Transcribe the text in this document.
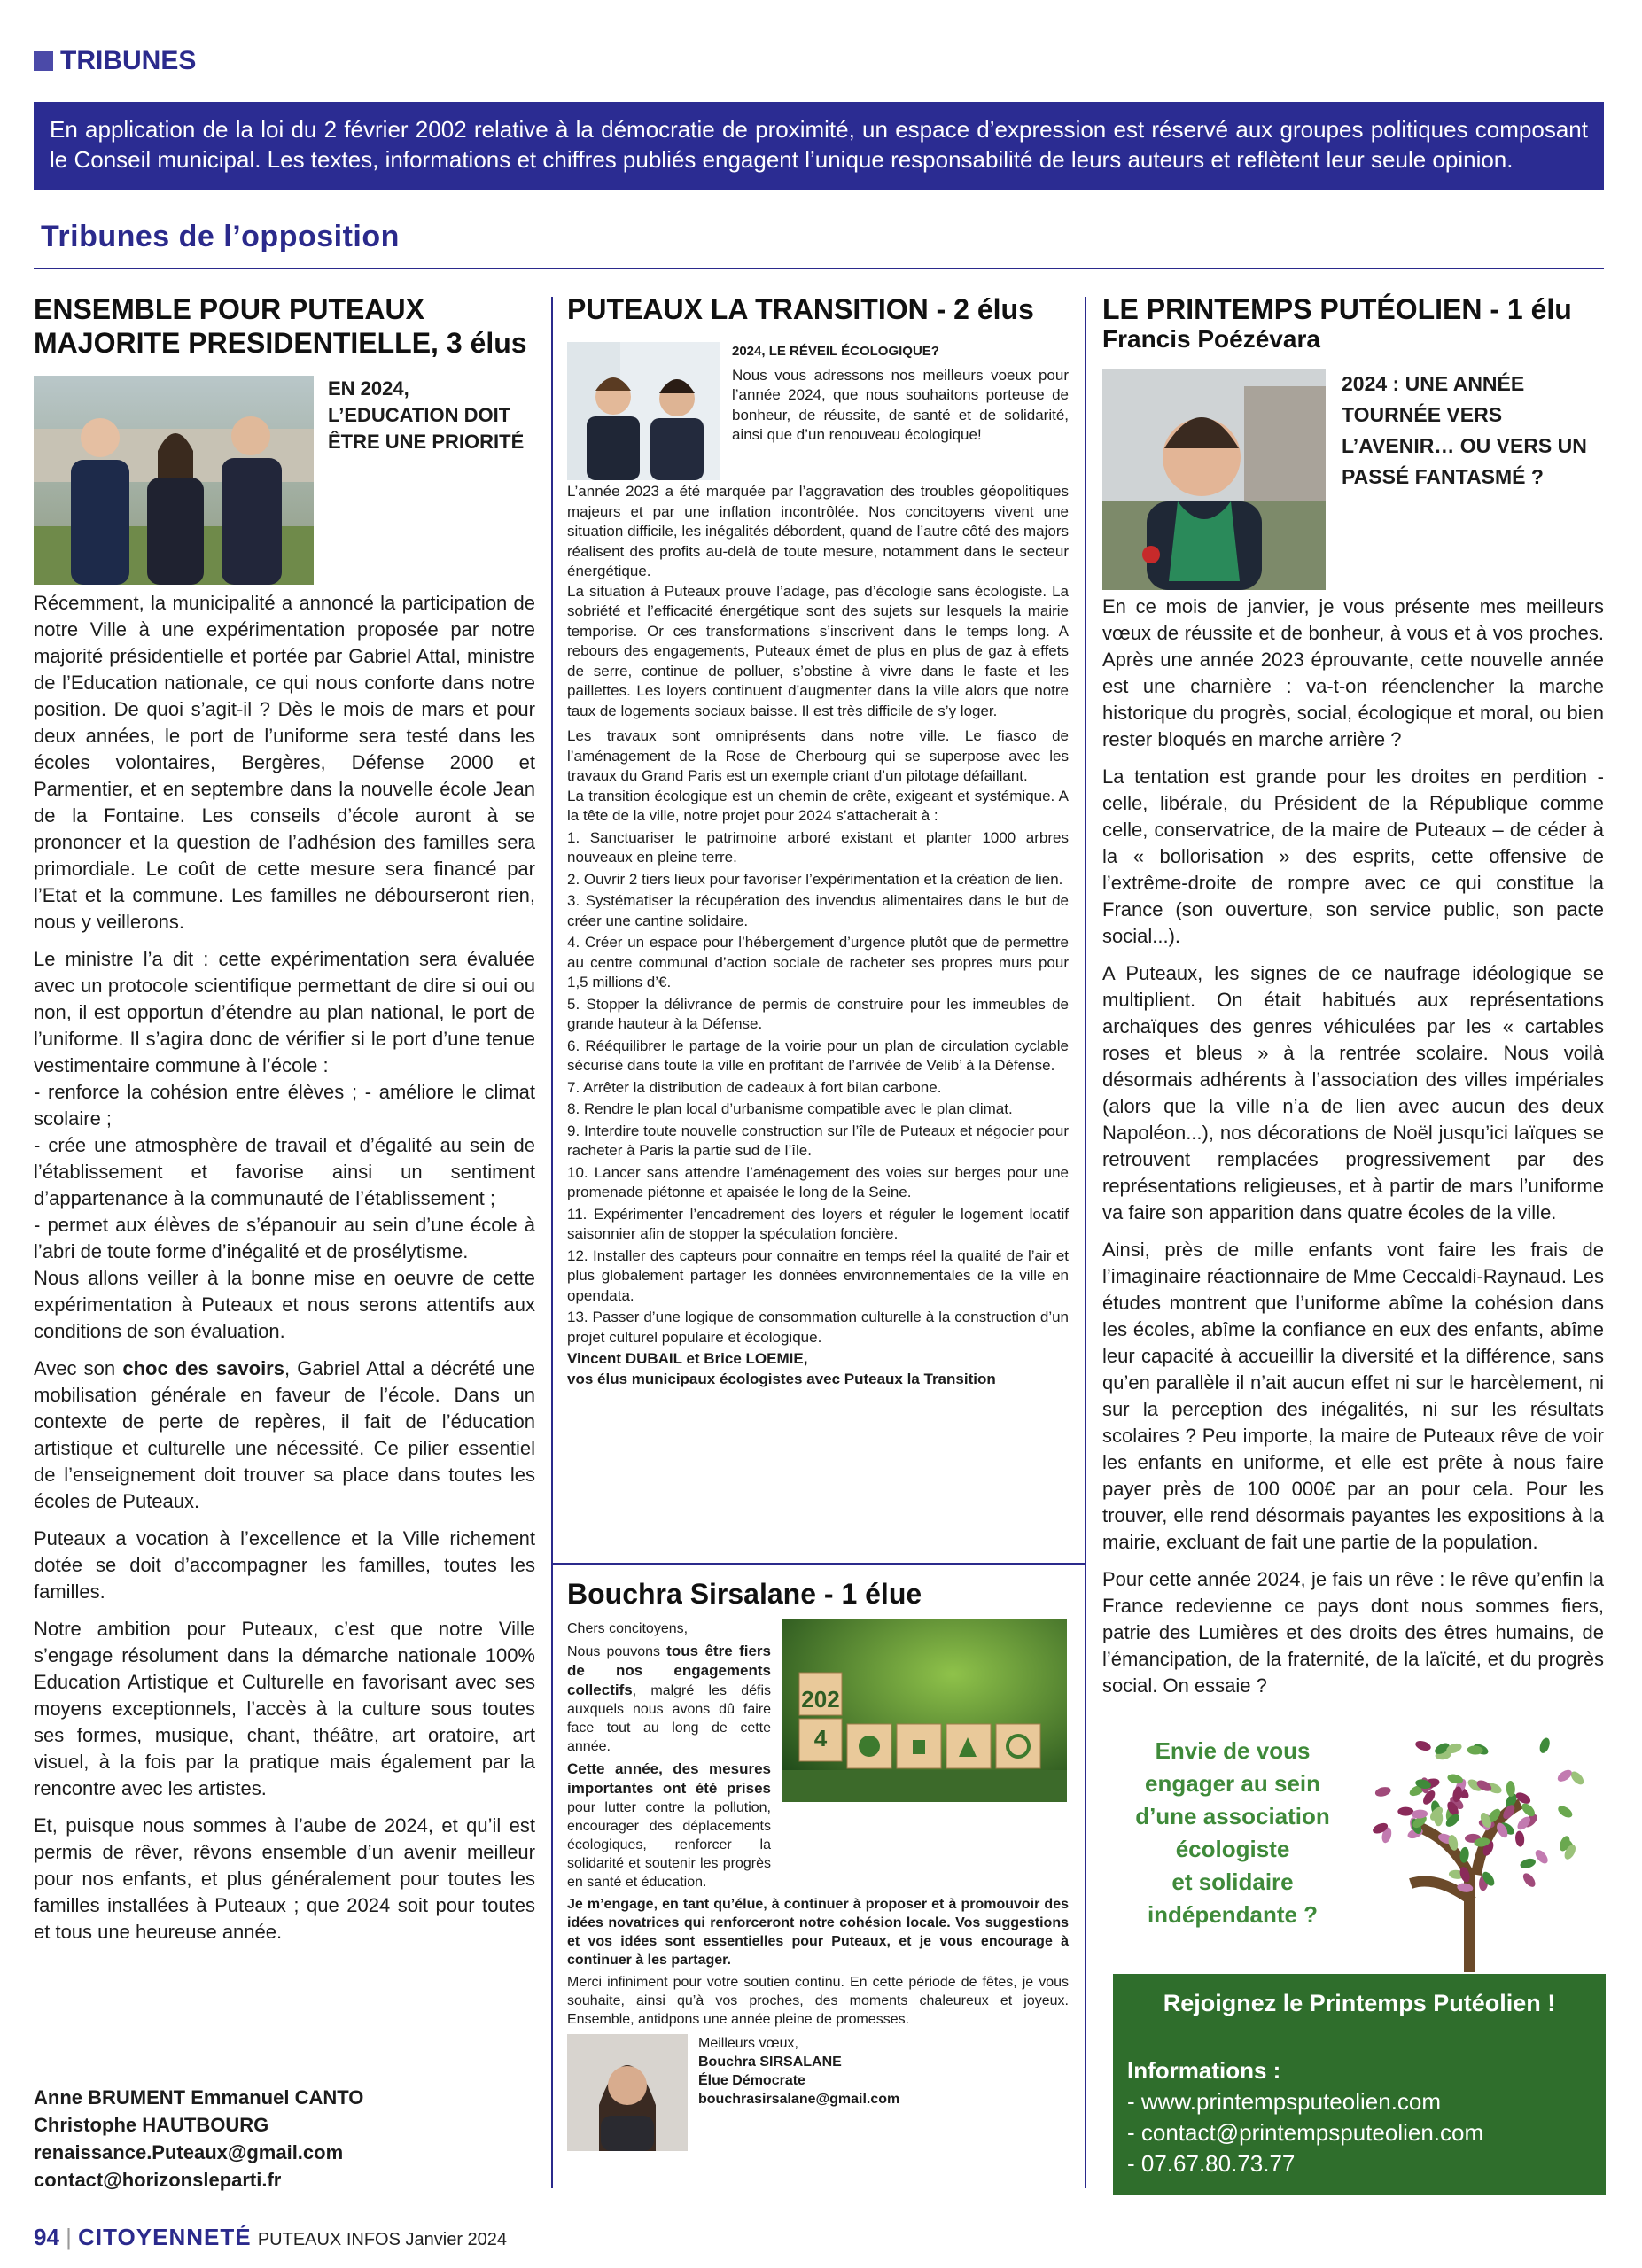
TRIBUNES
En application de la loi du 2 février 2002 relative à la démocratie de proximité, un espace d’expression est réservé aux groupes politiques composant le Conseil municipal. Les textes, informations et chiffres publiés engagent l’unique responsabilité de leurs auteurs et reflètent leur seule opinion.
Tribunes de l’opposition
ENSEMBLE POUR PUTEAUX
MAJORITE PRESIDENTIELLE, 3 élus
EN 2024, L’EDUCATION DOIT ÊTRE UNE PRIORITÉ

Récemment, la municipalité a annoncé la participation de notre Ville à une expérimentation proposée par notre majorité présidentielle et portée par Gabriel Attal, ministre de l’Education nationale, ce qui nous conforte dans notre position. De quoi s’agit-il ? Dès le mois de mars et pour deux années, le port de l’uniforme sera testé dans les écoles volontaires, Bergères, Défense 2000 et Parmentier, et en septembre dans la nouvelle école Jean de la Fontaine. Les conseils d’école auront à se prononcer et la question de l’adhésion des familles sera primordiale. Le coût de cette mesure sera financé par l’Etat et la commune. Les familles ne débourseront rien, nous y veillerons.

Le ministre l’a dit : cette expérimentation sera évaluée avec un protocole scientifique permettant de dire si oui ou non, il est opportun d’étendre au plan national, le port de l’uniforme. Il s’agira donc de vérifier si le port d’une tenue vestimentaire commune à l’école :

- renforce la cohésion entre élèves ; - améliore le climat scolaire ;

- crée une atmosphère de travail et d’égalité au sein de l’établissement et favorise ainsi un sentiment d’appartenance à la communauté de l’établissement ;

- permet aux élèves de s’épanouir au sein d’une école à l’abri de toute forme d’inégalité et de prosélytisme.

Nous allons veiller à la bonne mise en oeuvre de cette expérimentation à Puteaux et nous serons attentifs aux conditions de son évaluation.

Avec son choc des savoirs, Gabriel Attal a décrété une mobilisation générale en faveur de l’école. Dans un contexte de perte de repères, il fait de l’éducation artistique et culturelle une nécessité. Ce pilier essentiel de l’enseignement doit trouver sa place dans toutes les écoles de Puteaux.

Puteaux a vocation à l’excellence et la Ville richement dotée se doit d’accompagner les familles, toutes les familles.

Notre ambition pour Puteaux, c’est que notre Ville s’engage résolument dans la démarche nationale 100% Education Artistique et Culturelle en favorisant avec ses moyens exceptionnels, l’accès à la culture sous toutes ses formes, musique, chant, théâtre, art oratoire, art visuel, à la fois par la pratique mais également par la rencontre avec les artistes.

Et, puisque nous sommes à l’aube de 2024, et qu’il est permis de rêver, rêvons ensemble d’un avenir meilleur pour nos enfants, et plus généralement pour toutes les familles installées à Puteaux ; que 2024 soit pour toutes et tous une heureuse année.

Anne BRUMENT Emmanuel CANTO
Christophe HAUTBOURG
renaissance.Puteaux@gmail.com
contact@horizonsleparti.fr
PUTEAUX LA TRANSITION - 2 élus
2024, LE RÉVEIL ÉCOLOGIQUE?

Nous vous adressons nos meilleurs voeux pour l’année 2024, que nous souhaitons porteuse de bonheur, de réussite, de santé et de solidarité, ainsi que d’un renouveau écologique!

L’année 2023 a été marquée par l’aggravation des troubles géopolitiques majeurs et par une inflation incontrôlée. Nos concitoyens vivent une situation difficile, les inégalités débordent, quand de l’autre côté des majors réalisent des profits au-delà de toute mesure, notamment dans le secteur énergétique.

La situation à Puteaux prouve l’adage, pas d’écologie sans écologiste. La sobriété et l’efficacité énergétique sont des sujets sur lesquels la mairie temporise. Or ces transformations s’inscrivent dans le temps long. A rebours des engagements, Puteaux émet de plus en plus de gaz à effets de serre, continue de polluer, s’obstine à vivre dans le faste et les paillettes. Les loyers continuent d’augmenter dans la ville alors que notre taux de logements sociaux baisse. Il est très difficile de s’y loger.

Les travaux sont omniprésents dans notre ville. Le fiasco de l’aménagement de la Rose de Cherbourg qui se superpose avec les travaux du Grand Paris est un exemple criant d’un pilotage défaillant.

La transition écologique est un chemin de crête, exigeant et systémique. A la tête de la ville, notre projet pour 2024 s’attacherait à :

1. Sanctuariser le patrimoine arboré existant et planter 1000 arbres nouveaux en pleine terre.
2. Ouvrir 2 tiers lieux pour favoriser l’expérimentation et la création de lien.
3. Systématiser la récupération des invendus alimentaires dans le but de créer une cantine solidaire.
4. Créer un espace pour l’hébergement d’urgence plutôt que de permettre au centre communal d’action sociale de racheter ses propres murs pour 1,5 millions d’€.
5. Stopper la délivrance de permis de construire pour les immeubles de grande hauteur à la Défense.
6. Rééquilibrer le partage de la voirie pour un plan de circulation cyclable sécurisé dans toute la ville en profitant de l’arrivée de Velib’ à la Défense.
7. Arrêter la distribution de cadeaux à fort bilan carbone.
8. Rendre le plan local d’urbanisme compatible avec le plan climat.
9. Interdire toute nouvelle construction sur l’île de Puteaux et négocier pour racheter à Paris la partie sud de l’île.
10. Lancer sans attendre l’aménagement des voies sur berges pour une promenade piétonne et apaisée le long de la Seine.
11. Expérimenter l’encadrement des loyers et réguler le logement locatif saisonnier afin de stopper la spéculation foncière.
12. Installer des capteurs pour connaitre en temps réel la qualité de l’air et plus globalement partager les données environnementales de la ville en opendata.
13. Passer d’une logique de consommation culturelle à la construction d’un projet culturel populaire et écologique.
Vincent DUBAIL et Brice LOEMIE,
vos élus municipaux écologistes avec Puteaux la Transition
Bouchra Sirsalane - 1 élue
Chers concitoyens,

Nous pouvons tous être fiers de nos engagements collectifs, malgré les défis auxquels nous avons dû faire face tout au long de cette année.

Cette année, des mesures importantes ont été prises pour lutter contre la pollution, encourager des déplacements écologiques, renforcer la solidarité et soutenir les progrès en santé et éducation.

2024

Je m’engage, en tant qu’élue, à continuer à proposer et à promouvoir des idées novatrices qui renforceront notre cohésion locale. Vos suggestions et vos idées sont essentielles pour Puteaux, et je vous encourage à continuer à les partager.

Merci infiniment pour votre soutien continu. En cette période de fêtes, je vous souhaite, ainsi qu’à vos proches, des moments chaleureux et joyeux. Ensemble, antidpons une année pleine de promesses.

Meilleurs vœux,
Bouchra SIRSALANE
Élue Démocrate
bouchrasirsalane@gmail.com
LE PRINTEMPS PUTÉOLIEN - 1 élu
Francis Poézévara
2024 : UNE ANNÉE TOURNÉE VERS L’AVENIR… OU VERS UN PASSÉ FANTASMÉ ?

En ce mois de janvier, je vous présente mes meilleurs vœux de réussite et de bonheur, à vous et à vos proches. Après une année 2023 éprouvante, cette nouvelle année est une charnière : va-t-on réenclencher la marche historique du progrès, social, écologique et moral, ou bien rester bloqués en marche arrière ?

La tentation est grande pour les droites en perdition - celle, libérale, du Président de la République comme celle, conservatrice, de la maire de Puteaux – de céder à la « bollorisation » des esprits, cette offensive de l’extrême-droite de rompre avec ce qui constitue la France (son ouverture, son service public, son pacte social...).

A Puteaux, les signes de ce naufrage idéologique se multiplient. On était habitués aux représentations archaïques des genres véhiculées par les « cartables roses et bleus » à la rentrée scolaire. Nous voilà désormais adhérents à l’association des villes impériales (alors que la ville n’a de lien avec aucun des deux Napoléon...), nos décorations de Noël jusqu’ici laïques se retrouvent remplacées progressivement par des représentations religieuses, et à partir de mars l’uniforme va faire son apparition dans quatre écoles de la ville.

Ainsi, près de mille enfants vont faire les frais de l’imaginaire réactionnaire de Mme Ceccaldi-Raynaud. Les études montrent que l’uniforme abîme la cohésion dans les écoles, abîme la confiance en eux des enfants, abîme leur capacité à accueillir la diversité et la différence, sans qu’en parallèle il n’ait aucun effet ni sur le harcèlement, ni sur la perception des inégalités, ni sur les résultats scolaires ? Peu importe, la maire de Puteaux rêve de voir les enfants en uniforme, et elle est prête à nous faire payer près de 100 000€ par an pour cela. Pour les trouver, elle rend désormais payantes les expositions à la mairie, excluant de fait une partie de la population.

Pour cette année 2024, je fais un rêve : le rêve qu’enfin la France redevienne ce pays dont nous sommes fiers, patrie des Lumières et des droits des êtres humains, de l’émancipation, de la fraternité, de la laïcité, et du progrès social. On essaie ?

Envie de vous
engager au sein
d’une association
écologiste
et solidaire
indépendante ?
Rejoignez le Printemps Putéolien !
Informations :
- www.printempsputeolien.com
- contact@printempsputeolien.com
- 07.67.80.73.77
94 | CITOYENNETÉ PUTEAUX INFOS Janvier 2024
